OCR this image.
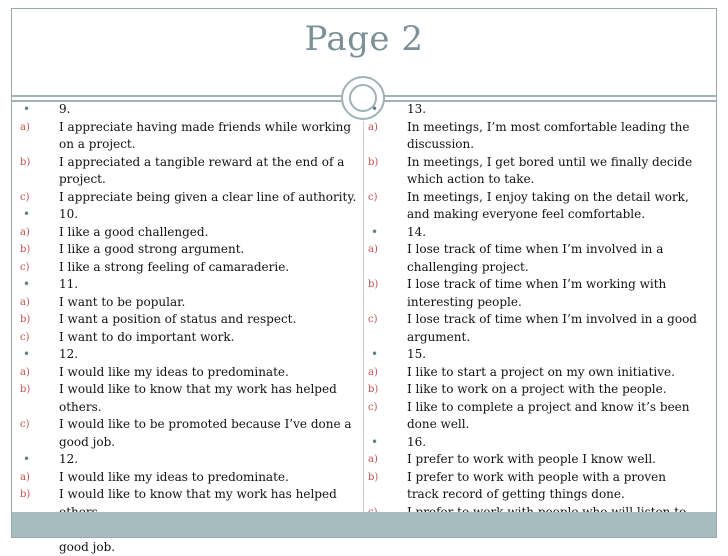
Page 2
•	9.
a)	I appreciate having made friends while working on a project.
b)	I appreciated a tangible reward at the end of a project.
c)	I appreciate being given a clear line of authority.
•	10.
a)	I like a good challenged.
b)	I like a good strong argument.
c)	I like a strong feeling of camaraderie.
•	11.
a)	I want to be popular.
b)	I want a position of status and respect.
c)	I want to do important work.
•	12.
a)	I would like my ideas to predominate.
b)	I would like to know that my work has helped others.
c)	I would like to be promoted because I’ve done a good job.
•	12.
a)	I would like my ideas to predominate.
b)	I would like to know that my work has helped
good job.
•	13.
a)	In meetings, I’m most comfortable leading the discussion.
b)	In meetings, I get bored until we finally decide which action to take.
c)	In meetings, I enjoy taking on the detail work, and making everyone feel comfortable.
•	14.
a)	I lose track of time when I’m involved in a challenging project.
b)	I lose track of time when I’m working with interesting people.
c)	I lose track of time when I’m involved in a good argument.
•	15.
a)	I like to start a project on my own initiative.
b)	I like to work on a project with the people.
c)	I like to complete a project and know it’s been done well.
•	16.
a)	I prefer to work with people I know well.
b)	I prefer to work with people with a proven track record of getting things done.
